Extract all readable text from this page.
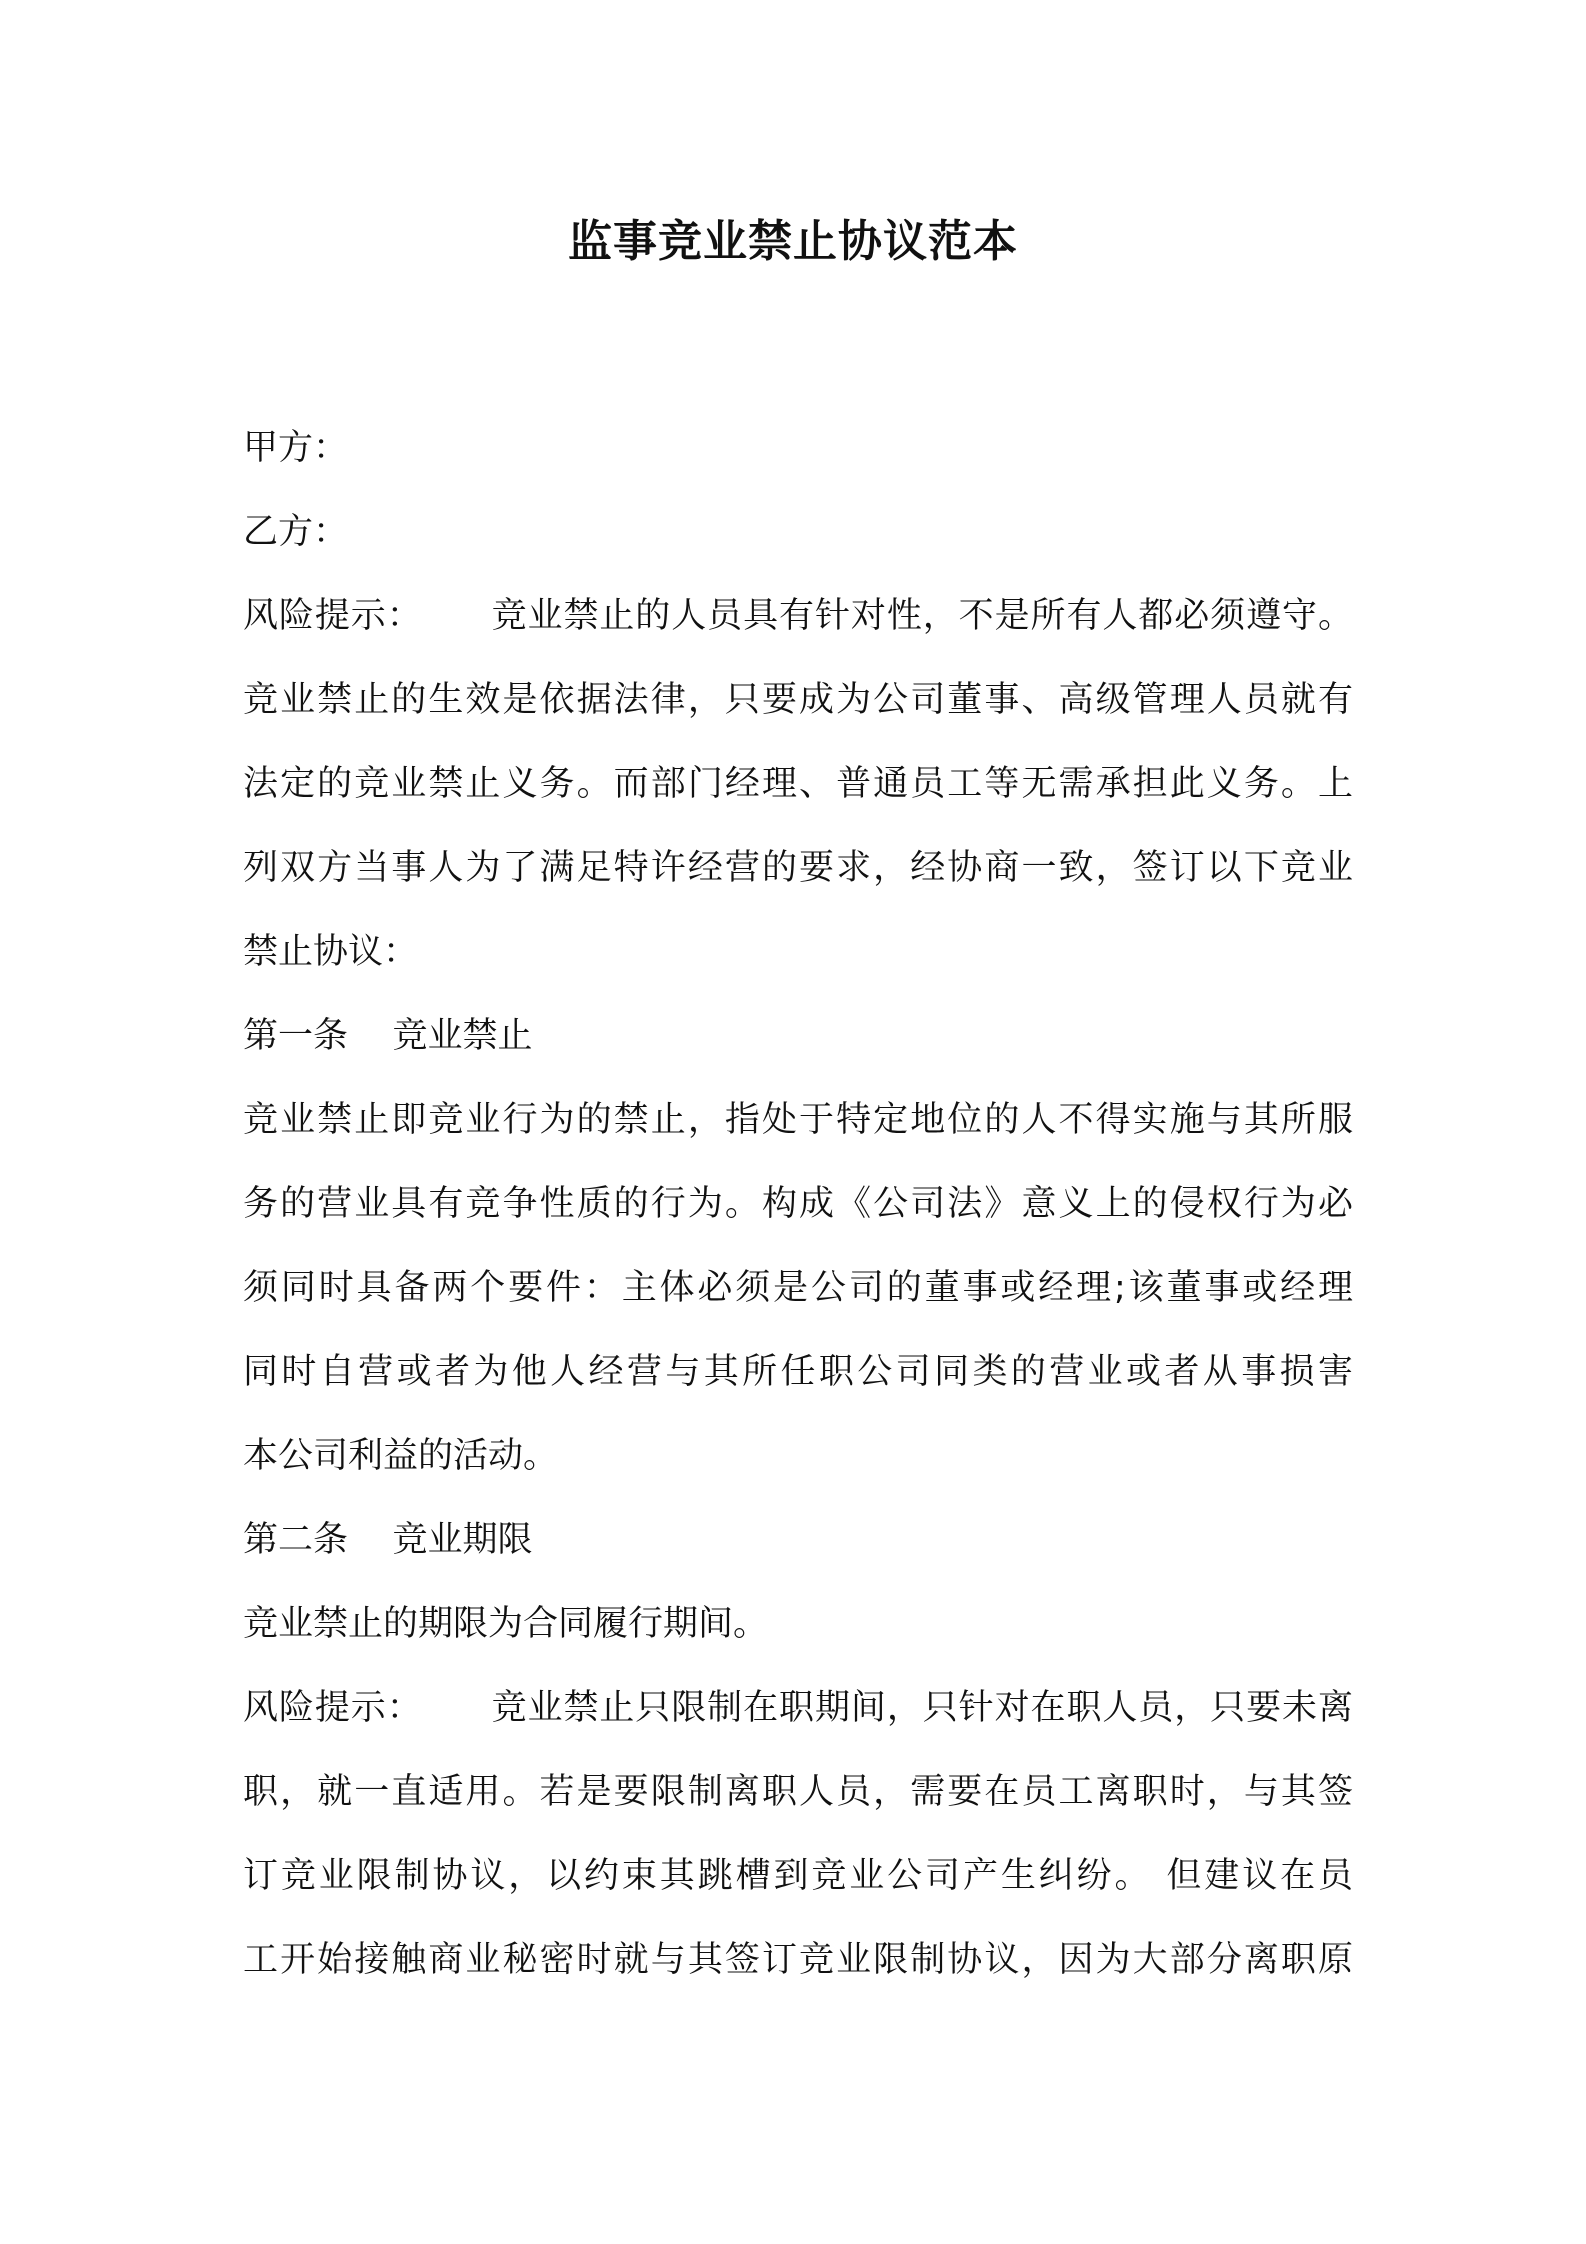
监事竞业禁止协议范本
甲方：
乙方：
风险提示： 竞业禁止的人员具有针对性，不是所有人都必须遵守。
竞业禁止的生效是依据法律，只要成为公司董事、高级管理人员就有
法定的竞业禁止义务。而部门经理、普通员工等无需承担此义务。上
列双方当事人为了满足特许经营的要求，经协商一致，签订以下竞业
禁止协议：
第一条    竞业禁止
竞业禁止即竞业行为的禁止，指处于特定地位的人不得实施与其所服
务的营业具有竞争性质的行为。构成《公司法》意义上的侵权行为必
须同时具备两个要件：主体必须是公司的董事或经理;该董事或经理
同时自营或者为他人经营与其所任职公司同类的营业或者从事损害
本公司利益的活动。
第二条    竞业期限
竞业禁止的期限为合同履行期间。
风险提示： 竞业禁止只限制在职期间，只针对在职人员，只要未离
职，就一直适用。若是要限制离职人员，需要在员工离职时，与其签
订竞业限制协议，以约束其跳槽到竞业公司产生纠纷。 但建议在员
工开始接触商业秘密时就与其签订竞业限制协议，因为大部分离职原
